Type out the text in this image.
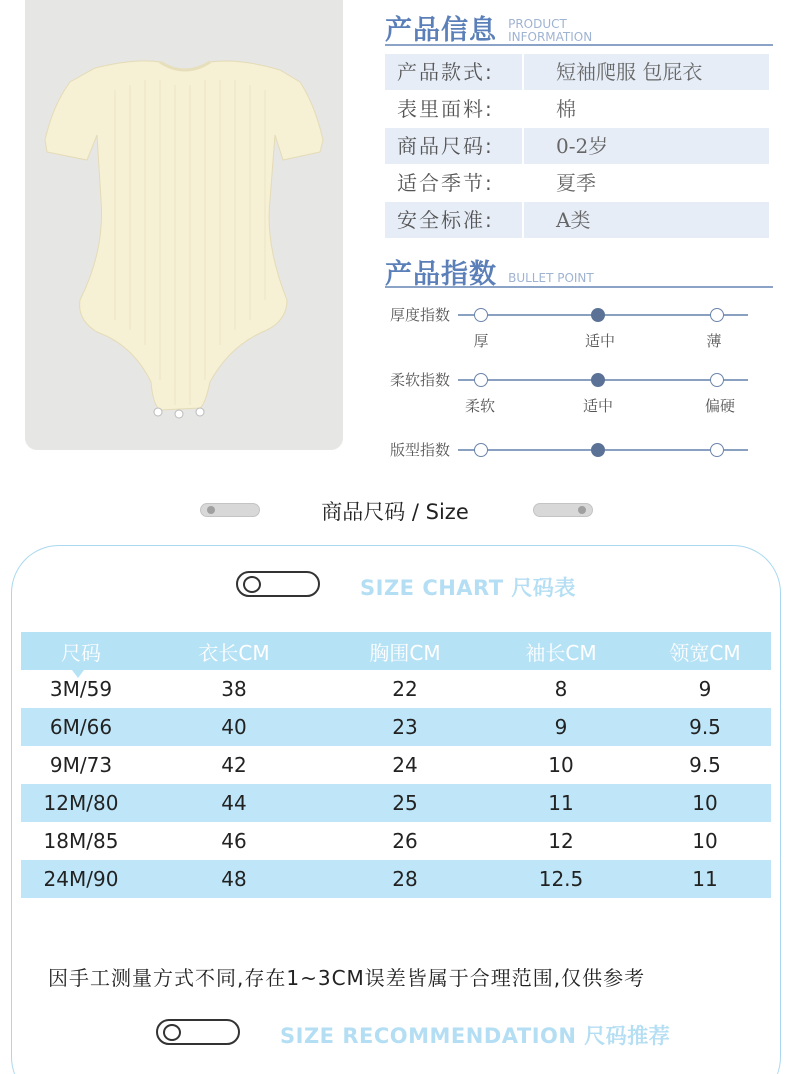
产品信息 PRODUCT
INFORMATION
产品款式:	短袖爬服 包屁衣
表里面料:	棉
商品尺码:	0-2岁
适合季节:	夏季
安全标准:	A类
产品指数 BULLET POINT
厚度指数
厚	适中	薄
柔软指数
柔软	适中	偏硬
版型指数
商品尺码 / Size
SIZE CHART 尺码表
尺码	衣长CM	胸围CM	袖长CM	领宽CM
3M/59	38	22	8	9
6M/66	40	23	9	9.5
9M/73	42	24	10	9.5
12M/80	44	25	11	10
18M/85	46	26	12	10
24M/90	48	28	12.5	11
因手工测量方式不同,存在1~3CM误差皆属于合理范围,仅供参考
SIZE RECOMMENDATION 尺码推荐
